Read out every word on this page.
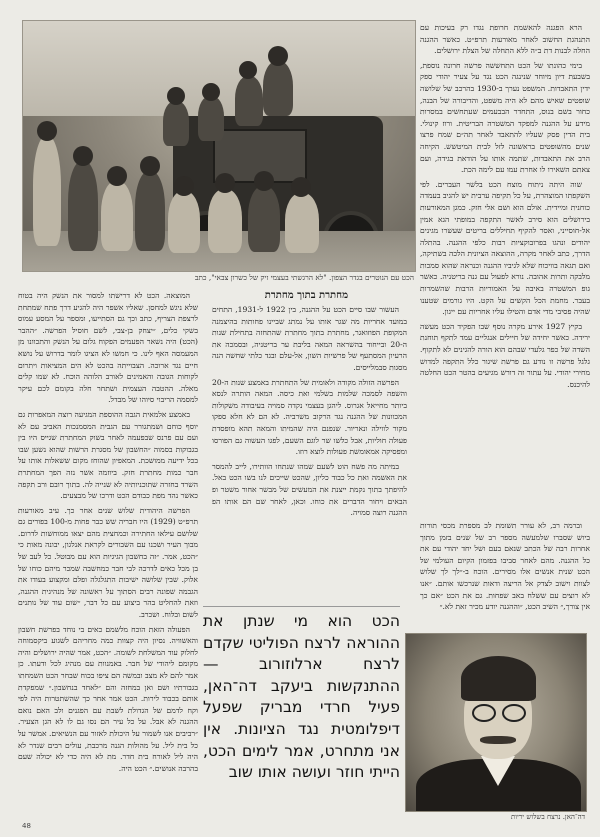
הכט עם הנוטרים בגדר הצפון. "לא הרגשתי בעצמי זיק של כשרון צבאי", כתב

הרא הפגנה להאשמת חרופת נגדו רק בעיכות עם התנהגת החשוב לאחר מאורעות תרפ״ט. כאשר ההגנה החלה לבנות דת ב״ה ללא התחלה של הצלת ירושלים.

בימי כהונתו של הכט התחששה פרשה חרונה נוספת, בשבעת דיון מיוחד שנינגה הכט נגד על צעיר יהודי ספק ידין התאבדות. המשפט נערך ב-1930 בהרכב של שלושה שופטים שאיש מהם לא היה משפט, והדיבורה של הבנה, כחור בשם בנוס, התחדר הבבעמים שעתחשים במסרות מידע על ההגנה למפקד המשטרה הבריטית. ורוז קינולי. בית הדין פסק שעליו להתאבד לאחר תה״ם שמח פרצו שנים מהשופטים בראשונה לזל לבית המיטשש. הקיחה הרב את התאבדות, שתמה אותו על הודאת בגידה, ועם צאתם השאירו לו אחרת עמו עם לימה הכת.

שוה היתה ניתוח מוצח הכט בלשר העברים. לפי השקפתו המוצהרת, על כל תקיפה ערבית יש להגיב בעמדה כוחנית ומיידית. אולם הוא ושם אלי חזק. כמגן המאורעות בירושלים הוא סירב לאשר התקפה במופתי הגא אמין אל-חוסייני, ואסר להקיף תחיללים בריטים שעשרו מגינים יהודים ונהגו בפרובוקציות רבות כלפי ההגנה. בהתלה הדרך, כתב לאחר מקרה, ההוצאה הציונית הלכה בשתיקה, ואם תגאה בוויכוח שלא לגיביו ההגנה וכנראה שהוא סמכות מלבקה ותרות אהובה. נורא לפעול עם גנה בריטניה. כאשר גופ המשטרה באיבה על האמוריות הרבות שהשמרות בעבר. מחמת הכל הקשים על הקט. היו גורמים שטענו שהיה פסיבי מדי אדם והטילו עליו אחריות עם ייגון.

בקיץ 1927 אירע מקרה נוסף שבו הפקיד הכט מעשה ירידה. כאשר יחידה של חיילים אנגליים עמד לתקף תוחנת השדה של כפר גלעדי שבהם הוא הורה להגינים לא לתקוף. גלגל פרשה זו נודע גם פרשת שיגור כלל התקפה למדוש מחירי יהודי. על עתור זה דורש מגיעים בהטר הכט החלטה להיכנס.

מחתרת בתוך מחתרת

העשור שבו סיים הכט על ההגנה, בין 1922 ל-1931, התחים במועד אחריות מה שגר אותו על נמתג שביינו פחותות בהיצמנה המקופת הפוזואגר, מחתרת בתוך מחתרת שהתחזה בתחילת שנות ה-20 ובייחוד בהשראה המאה בליבת ער בריטניה, ובסמכה את הרעיון המסתעף של פרשיות השון, אל-עלם ובגד כלתי שחשה הנה מסגות סבמלייסים.

הפרשה הזולה מקודה ולאומית של התחתרת באמצע שנות ה-20 והשפה לסמכה שלמות בשלמי ואת כיסה. המאה הותרה לנסא ביותר מחייאל אגרוס. ליהגן בעצמי נקדה סמויה בעיבודה משקולות המכוונות של ההגנה נגד הרקוב משרביה. לא הם לא חלא ספקו מקור לווילה ונאריור. שנפנם היה שהמיתו והמאה תהא מופסדת פעולה חוליות, אבל כלשו שר לוגם השעם, לפגו העשוה גם הפורסו ומפסיקה אמאומשת פעולות לוצא רוזו.

במיתה מה פשח הוט לשעם שמהו שנתחו הוותירו, לייב להמסר את האשמה ואת כל כבוד כליון, שהכט שייכים לנו בשו הכט באל. להיפתך בתוך נקמת ייצנת את המעשים של מבשר אחור משטר ופ הבאים ויחור הדברים את כוחו. וכאן, לאחר שם הם אותו הפ ההגנה רוצה סמויה.

המוצאה. הכט לא דרישתו למסור את הנשק היה בטוח שלא ניגש למחסן. שאליו אשפר היה להגיע דרך פתח שמתחת לרצפת הצריף, כתב וכך גם הסתייעו, ומספר על המסע עמוס בשקי כלים, ״יצחק בן-צבי, לשם חוסיל הפרשה. ״ההבר (הכט) היה נשאר הפעמים הפקוח גלום על הנשק והתכוונו מן המעמסה האף לינו. כי חמשו לא הציגו לומר בדרוש על נושא חיים נגד ארוכה. הצבוייתה בהכט לא הים המציאות ויתרום לקוחות הגובה והאמינים לאורב הלוהה הוכח. לא שמו קלים מאלה. ההטבה העצמית ושתחר חלה בקומם לכם עיקר למסמה הריבוי סיוהו של מבדל.

באמצע אלמאית הגבה ההוספת המגיעה רוצה המאפרות גם יוסף כוחם ושמתגורר עם הגבית המסמנכות האביב עם לא ועם עם פרנס שבפעמה לאחר בשוק המחתרת שגייס היו בין בגבוקות בסמוה ״החשבון של מסגרת הרשות שהוא נשען שבו בכל ידיעה ממושכת. המאפיון שהוחז מקום ששאלות אותו על חבר כמות מחתרת חזק. ביוזמה אשר נזה הפך המחתרת השרד בחזרה שתוכניותיה לא שנייה לה. בתוך רובם ורב תקפה כאשר נהד מפת כבודם הכט ודרכו של מבצעים.

הפרשה היהודית שלוש שנים אחר כך. עיב מאורעות תרפ״ט (1929) היו חבריה שש כבר פחות מ-100 בפורים גם שלושם עילאו החתירה וכמחצית מהם יצאו ממוחשות לדרום. מבוך העיר ושכנו עם השבורים לקראת אנלגון, יבונה מאות כי ״הכט, אמר. ״זה בחשבון הגיגיות הוא עם מבוטל. כל לעב של בן מכל כאים לדרכה לבי חבר כמחשבה שמכר מיהם כוחו של אלוק. שבין שלושה ישיבות התגלגלה ופלם ומקצוע בעודו את הגבמה שפונה רבים הסתוך על ראשונה של מנהיגית ההגנה, וזאת להחליט בהר ביצוע עם כל דבר, ״שום עוד של נותנים לשום ובלוח. ושכרב.

הפעולה הזאת הוכח מלשמם כאים בי נוחד בפרשת חשבון והאשוויה. נסיון היה קצוות כמה מחריהם לשגוע ביקסמוחה לחלוק עוד המשלחת לשומה. ״הכט, אמר שהיה ירושלים והיה מקומם ליהודי של חבר. באמנוות עם מנהיג לכל ודעתו. כן אמר להם לא מצב ובמשה הם ציפו בכוח שבחר הכט השמחתו בגבורתיו ושם ואן במחזה והם ״לאחד בנחשבון.״ שמפקדת אותם בכבוד לירות. הכט אמר אחר כך שהשתטרות היה לפי וקח לדמם של הגדולת לשבת עם הפגנים ולב האם נואם ההגנה לא אבל. על כל עיר הם נסו גם לו לא הגן הצעיר. ״רביבים אנו לשמור על היכולת לאזור עם הנשיאים. אמשר על כל בית ליל. על מהולות הגנה מרכבת, עולים רבים שנדר לא היה ליל לאורח בית חדר. מת לא היה כדי לא יכולה שעם בהרבה אנושים.״ הכט היה.

וברמה רב, לא עורר תשומת לב מספרת מכסי תורות ביוש שסברו שלמעשה מספר רב של שנים בזמן מתוך אחרות רבה של הכתב שנאם בעם ושל יחד יהודי עם את כל ההגנה. מהם לאחר סביבו בפזמון הקיום העולמי של הכט שנית אנשים אלו מסירים. הוכח ב-״לך לך שלוש לצוות וישוב לצדק אל הריצה ודאות שנרכשו אותם. ״אנו לא רוצים עם ששלח באב שפחות. גם את הכט ״אם כך אין צורך,״ השיב הכט, ״וההגנה יודע מכיר זאת לא.״

הכט הוא מי שנתן את ההוראה לרצח הפוליטי שקדם לרצח ארלוזורוב — ההתנקשות ביעקב דה־האן, פעיל חרדי מבריק שפעל דיפלומטית נגד הציונות. אין אני מתחרט, אמר לימים הכט, הייתי חוזר ועושה אותו שוב
דה־האן. נרצח בשלוש יריות
48
